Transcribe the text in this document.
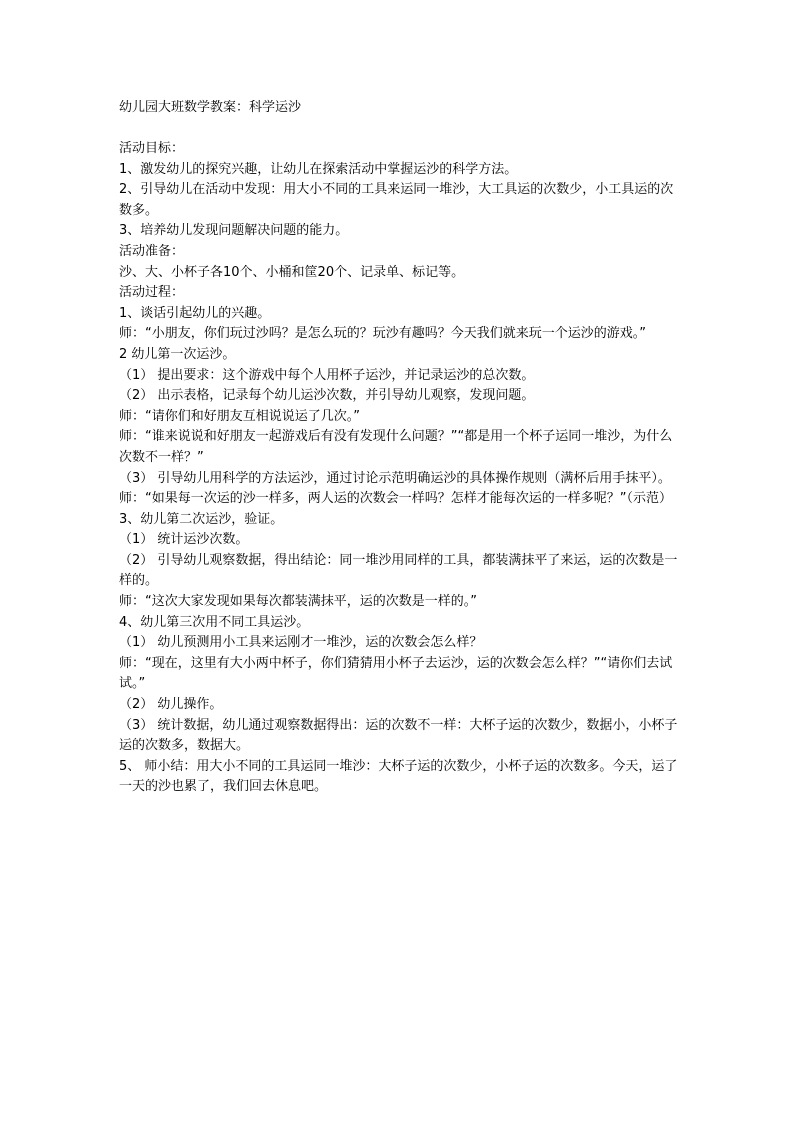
幼儿园大班数学教案：科学运沙

活动目标：

1、激发幼儿的探究兴趣，让幼儿在探索活动中掌握运沙的科学方法。

2、引导幼儿在活动中发现：用大小不同的工具来运同一堆沙，大工具运的次数少，小工具运的次数多。

3、培养幼儿发现问题解决问题的能力。

活动准备：

沙、大、小杯子各10个、小桶和筐20个、记录单、标记等。

活动过程：

1、谈话引起幼儿的兴趣。

师：“小朋友，你们玩过沙吗？是怎么玩的？玩沙有趣吗？今天我们就来玩一个运沙的游戏。”

2 幼儿第一次运沙。

（1） 提出要求：这个游戏中每个人用杯子运沙，并记录运沙的总次数。

（2） 出示表格，记录每个幼儿运沙次数，并引导幼儿观察，发现问题。

师：“请你们和好朋友互相说说运了几次。”

师：“谁来说说和好朋友一起游戏后有没有发现什么问题？”“都是用一个杯子运同一堆沙，为什么次数不一样？”

（3） 引导幼儿用科学的方法运沙，通过讨论示范明确运沙的具体操作规则（满杯后用手抹平）。

师：“如果每一次运的沙一样多，两人运的次数会一样吗？怎样才能每次运的一样多呢？”（示范）

3、幼儿第二次运沙，验证。

（1） 统计运沙次数。

（2） 引导幼儿观察数据，得出结论：同一堆沙用同样的工具，都装满抹平了来运，运的次数是一样的。

师：“这次大家发现如果每次都装满抹平，运的次数是一样的。”

4、幼儿第三次用不同工具运沙。

（1） 幼儿预测用小工具来运刚才一堆沙，运的次数会怎么样？

师：“现在，这里有大小两中杯子，你们猜猜用小杯子去运沙，运的次数会怎么样？”“请你们去试试。”

（2） 幼儿操作。

（3） 统计数据，幼儿通过观察数据得出：运的次数不一样：大杯子运的次数少，数据小，小杯子运的次数多，数据大。

5、 师小结：用大小不同的工具运同一堆沙：大杯子运的次数少，小杯子运的次数多。今天，运了一天的沙也累了，我们回去休息吧。
